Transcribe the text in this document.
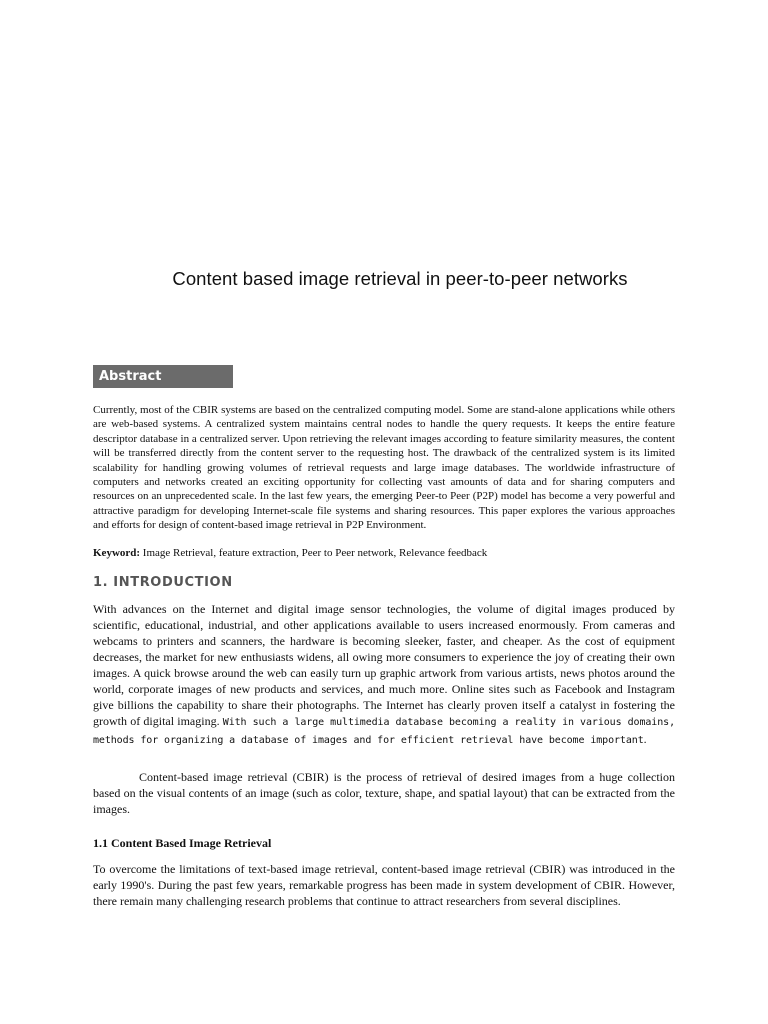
Content based image retrieval in peer-to-peer networks
Abstract
Currently, most of the CBIR systems are based on the centralized computing model. Some are stand-alone applications while others are web-based systems. A centralized system maintains central nodes to handle the query requests. It keeps the entire feature descriptor database in a centralized server. Upon retrieving the relevant images according to feature similarity measures, the content will be transferred directly from the content server to the requesting host. The drawback of the centralized system is its limited scalability for handling growing volumes of retrieval requests and large image databases. The worldwide infrastructure of computers and networks created an exciting opportunity for collecting vast amounts of data and for sharing computers and resources on an unprecedented scale. In the last few years, the emerging Peer-to Peer (P2P) model has become a very powerful and attractive paradigm for developing Internet-scale file systems and sharing resources. This paper explores the various approaches and efforts for design of content-based image retrieval in P2P Environment.
Keyword: Image Retrieval, feature extraction, Peer to Peer network, Relevance feedback
1. INTRODUCTION
With advances on the Internet and digital image sensor technologies, the volume of digital images produced by scientific, educational, industrial, and other applications available to users increased enormously. From cameras and webcams to printers and scanners, the hardware is becoming sleeker, faster, and cheaper. As the cost of equipment decreases, the market for new enthusiasts widens, all owing more consumers to experience the joy of creating their own images. A quick browse around the web can easily turn up graphic artwork from various artists, news photos around the world, corporate images of new products and services, and much more. Online sites such as Facebook and Instagram give billions the capability to share their photographs. The Internet has clearly proven itself a catalyst in fostering the growth of digital imaging. With such a large multimedia database becoming a reality in various domains, methods for organizing a database of images and for efficient retrieval have become important.
Content-based image retrieval (CBIR) is the process of retrieval of desired images from a huge collection based on the visual contents of an image (such as color, texture, shape, and spatial layout) that can be extracted from the images.
1.1 Content Based Image Retrieval
To overcome the limitations of text-based image retrieval, content-based image retrieval (CBIR) was introduced in the early 1990's. During the past few years, remarkable progress has been made in system development of CBIR. However, there remain many challenging research problems that continue to attract researchers from several disciplines.
